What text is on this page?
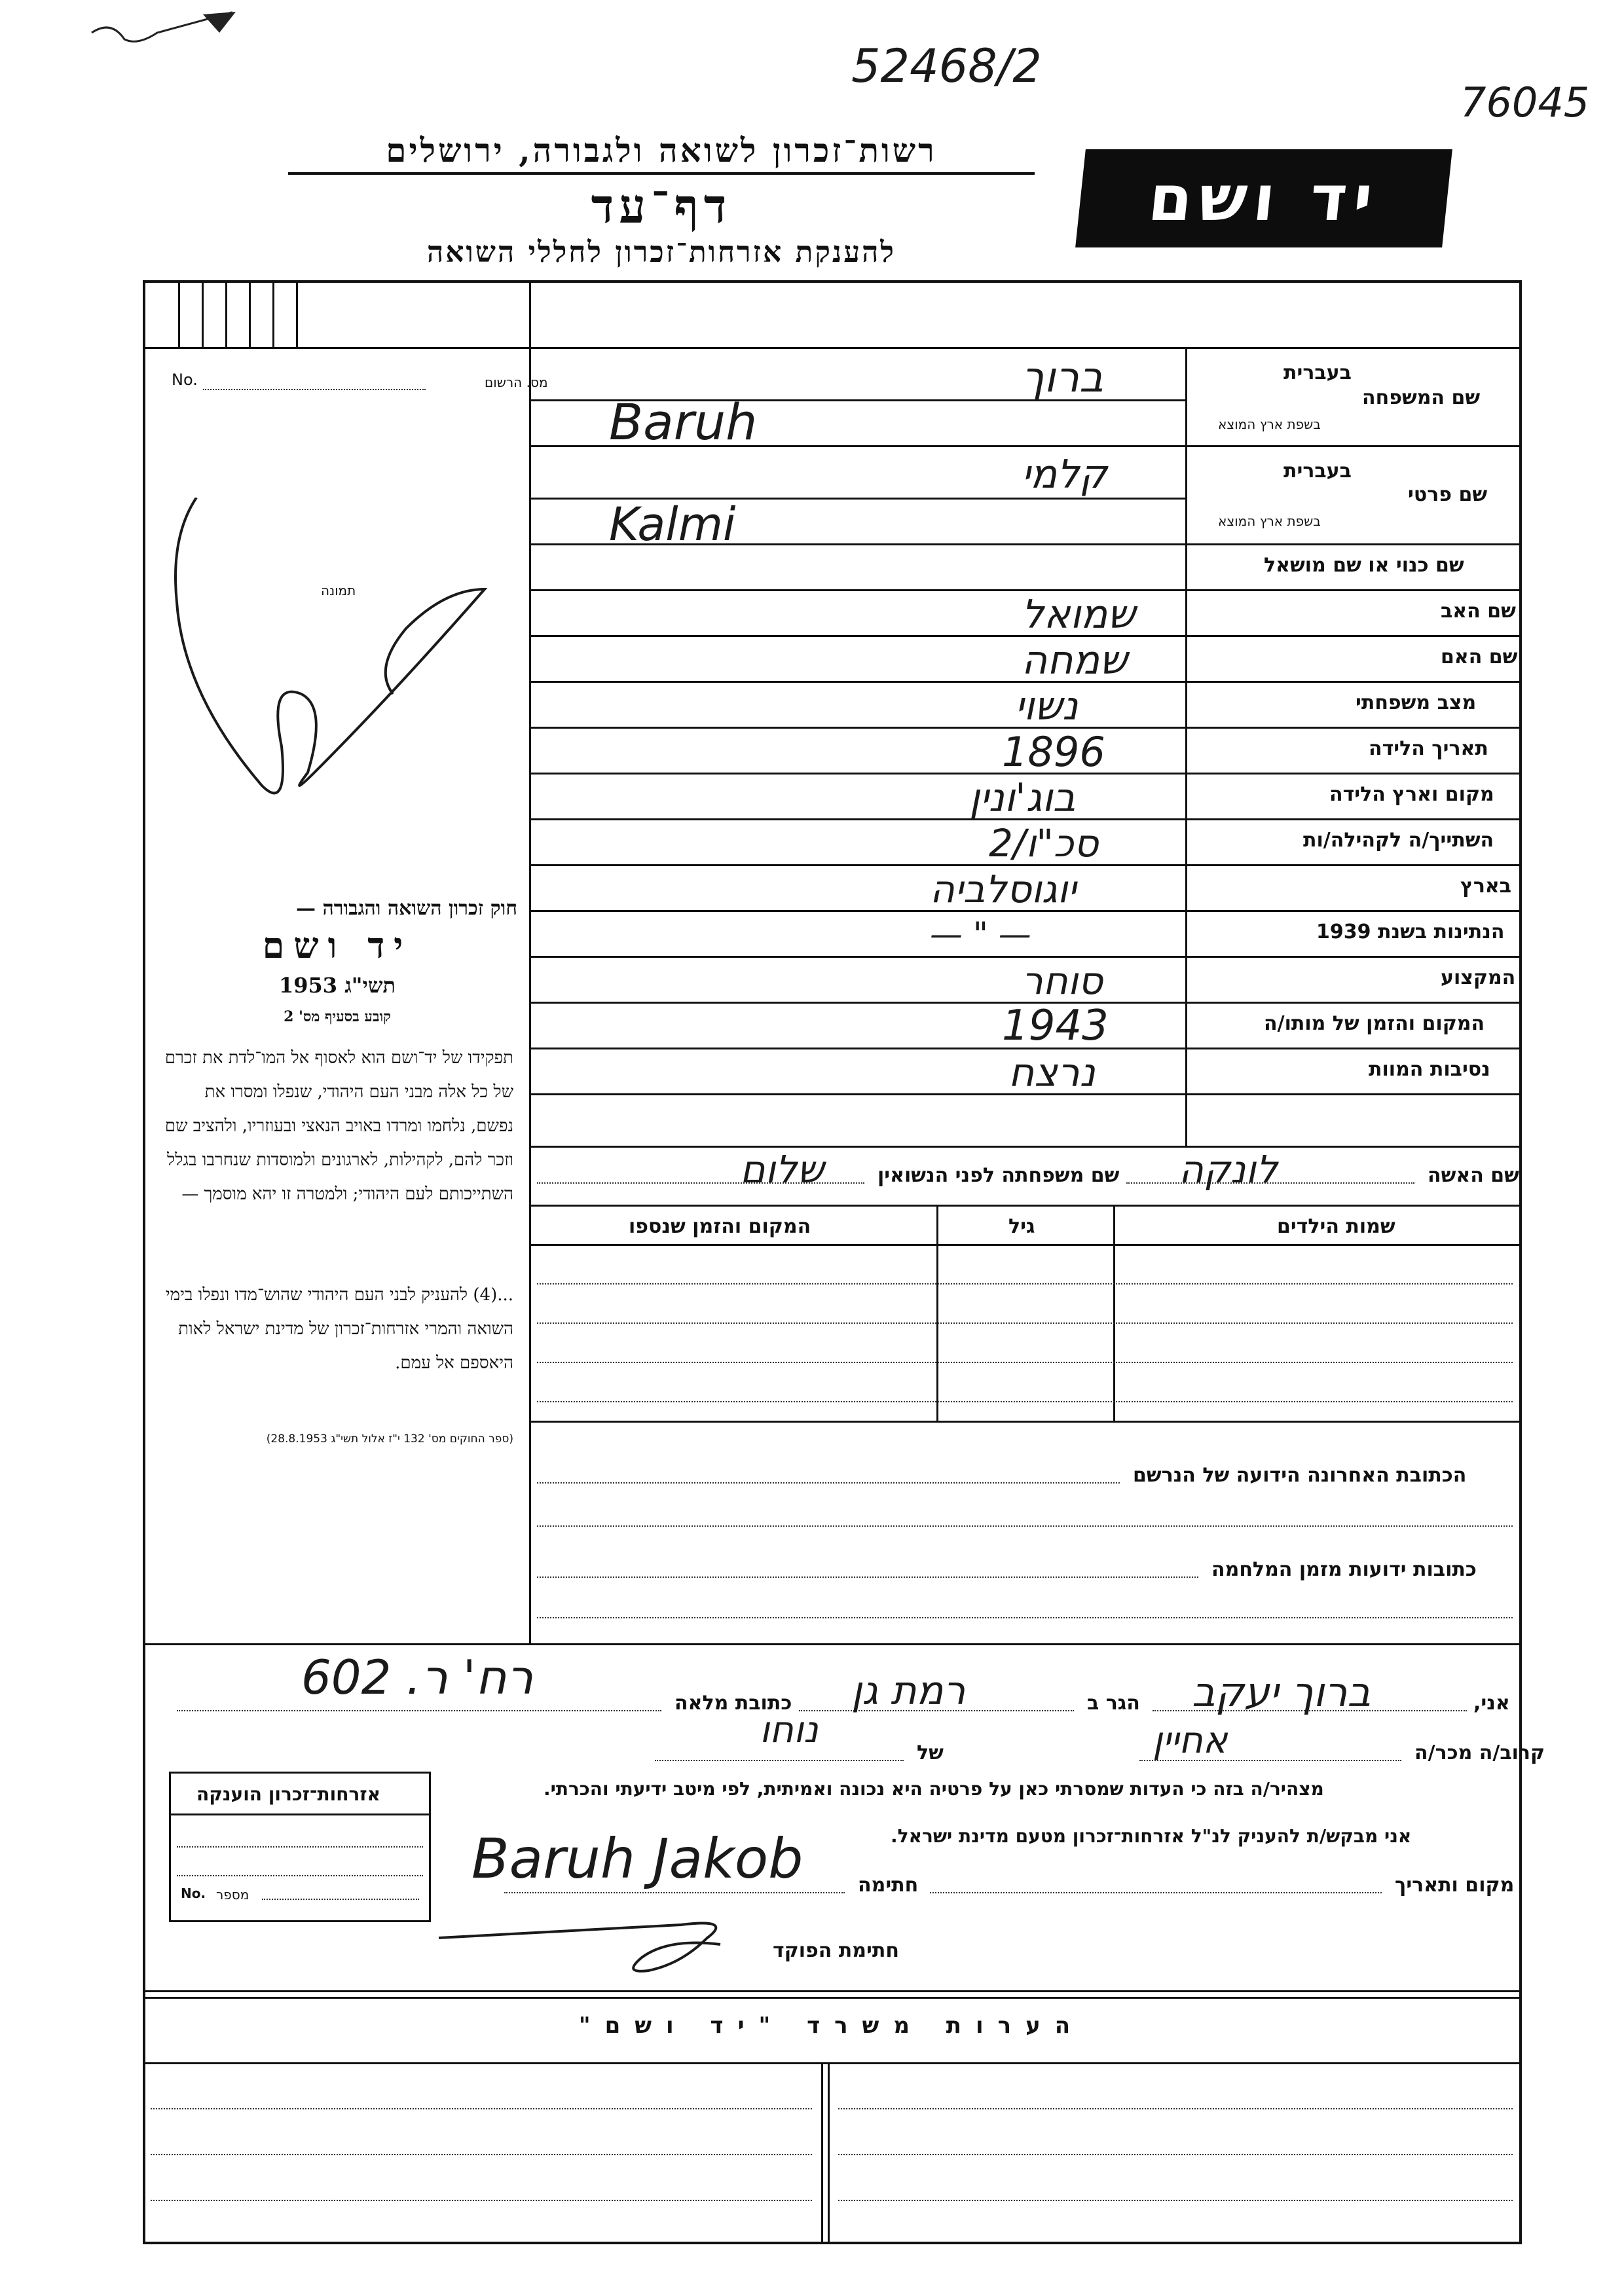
52468/2
76045
רשות־זכרון לשואה ולגבורה, ירושלים
דף־עד
להענקת אזרחות־זכרון לחללי השואה
יד ושם
מס. הרשום
No.
תמונה
חוק זכרון השואה והגבורה —
יד ושם
תשי"ג 1953
קובע בסעיף מס' 2
תפקידו של יד־ושם הוא לאסוף אל המו־לדת את זכרם של כל אלה מבני העם היהודי, שנפלו ומסרו את נפשם, נלחמו ומרדו באויב הנאצי ובעוזריו, ולהציב שם וזכר להם, לקהילות, לארגונים ולמוסדות שנחרבו בגלל השתייכותם לעם היהודי; ולמטרה זו יהא מוסמך —
...(4) להעניק לבני העם היהודי שהוש־מדו ונפלו בימי השואה והמרי אזרחות־זכרון של מדינת ישראל לאות היאספם אל עמם.
(ספר החוקים מס' 132 י"ז אלול תשי"ג 28.8.1953)
שם המשפחה
בעברית
בשפת ארץ המוצא
ברוך
Baruh
שם פרטי
בעברית
בשפת ארץ המוצא
קלמי
Kalmi
שם כנוי או שם מושאל
שם האב
שמואל
שם האם
שמחה
מצב משפחתי
נשוי
תאריך הלידה
1896
מקום וארץ הלידה
בוג'ונין
השתייך/ה לקהילה/ות
סכ"ו/2
בארץ
יוגוסלביה
הנתינות בשנת 1939
— " —
המקצוע
סוחר
המקום והזמן של מותו/ה
1943
נסיבות המוות
נרצח
שם האשה
לונקה
שם משפחתה לפני הנשואין
שלום
שמות הילדים
גיל
המקום והזמן שנספו
הכתובת האחרונה הידועה של הנרשם
כתובות ידועות מזמן המלחמה
אני,
ברוך יעקב
הגר ב
רמת גן
כתובת מלאה
רח' ר. 602
קרוב/ה מכר/ה
אחיין
של
נוחו
מצהיר/ה בזה כי העדות שמסרתי כאן על פרטיה היא נכונה ואמיתית, לפי מיטב ידיעתי והכרתי.
אני מבקש/ת להעניק לנ"ל אזרחות־זכרון מטעם מדינת ישראל.
מקום ותאריך
חתימה
Baruh Jakob
חתימת הפוקד
אזרחות־זכרון הוענקה
No. מספר
הערות משרד "יד ושם"
